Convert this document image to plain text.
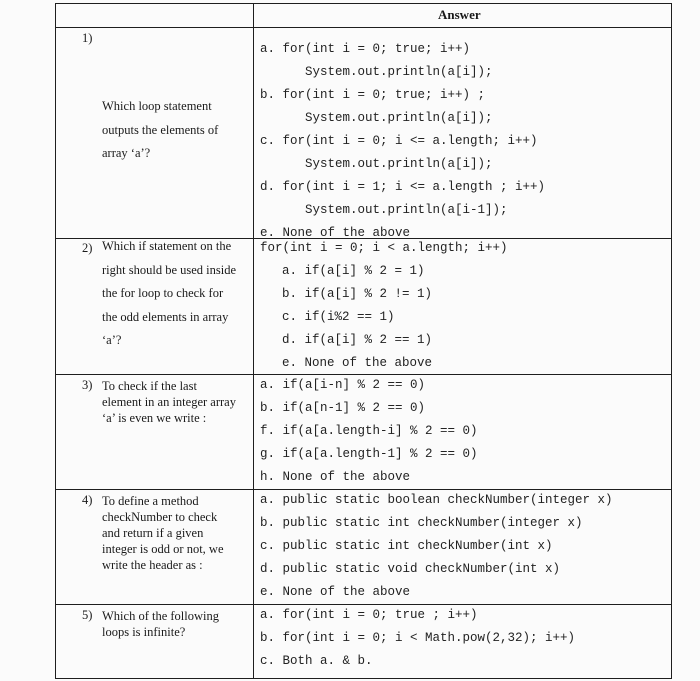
Answer
1)
Which loop statement
outputs the elements of
array ‘a’?
a. for(int i = 0; true; i++)
System.out.println(a[i]);
b. for(int i = 0; true; i++) ;
System.out.println(a[i]);
c. for(int i = 0; i <= a.length; i++)
System.out.println(a[i]);
d. for(int i = 1; i <= a.length ; i++)
System.out.println(a[i-1]);
e. None of the above
2) Which if statement on the
right should be used inside
the for loop to check for
the odd elements in array
‘a’?
for(int i = 0; i < a.length; i++)
a. if(a[i] % 2 = 1)
b. if(a[i] % 2 != 1)
c. if(i%2 == 1)
d. if(a[i] % 2 == 1)
e. None of the above
3) To check if the last
element in an integer array
‘a’ is even we write :
a. if(a[i-n] % 2 == 0)
b. if(a[n-1] % 2 == 0)
f. if(a[a.length-i] % 2 == 0)
g. if(a[a.length-1] % 2 == 0)
h. None of the above
4) To define a method
checkNumber to check
and return if a given
integer is odd or not, we
write the header as :
a. public static boolean checkNumber(integer x)
b. public static int checkNumber(integer x)
c. public static int checkNumber(int x)
d. public static void checkNumber(int x)
e. None of the above
5) Which of the following
loops is infinite?
a. for(int i = 0; true ; i++)
b. for(int i = 0; i < Math.pow(2,32); i++)
c. Both a. & b.
